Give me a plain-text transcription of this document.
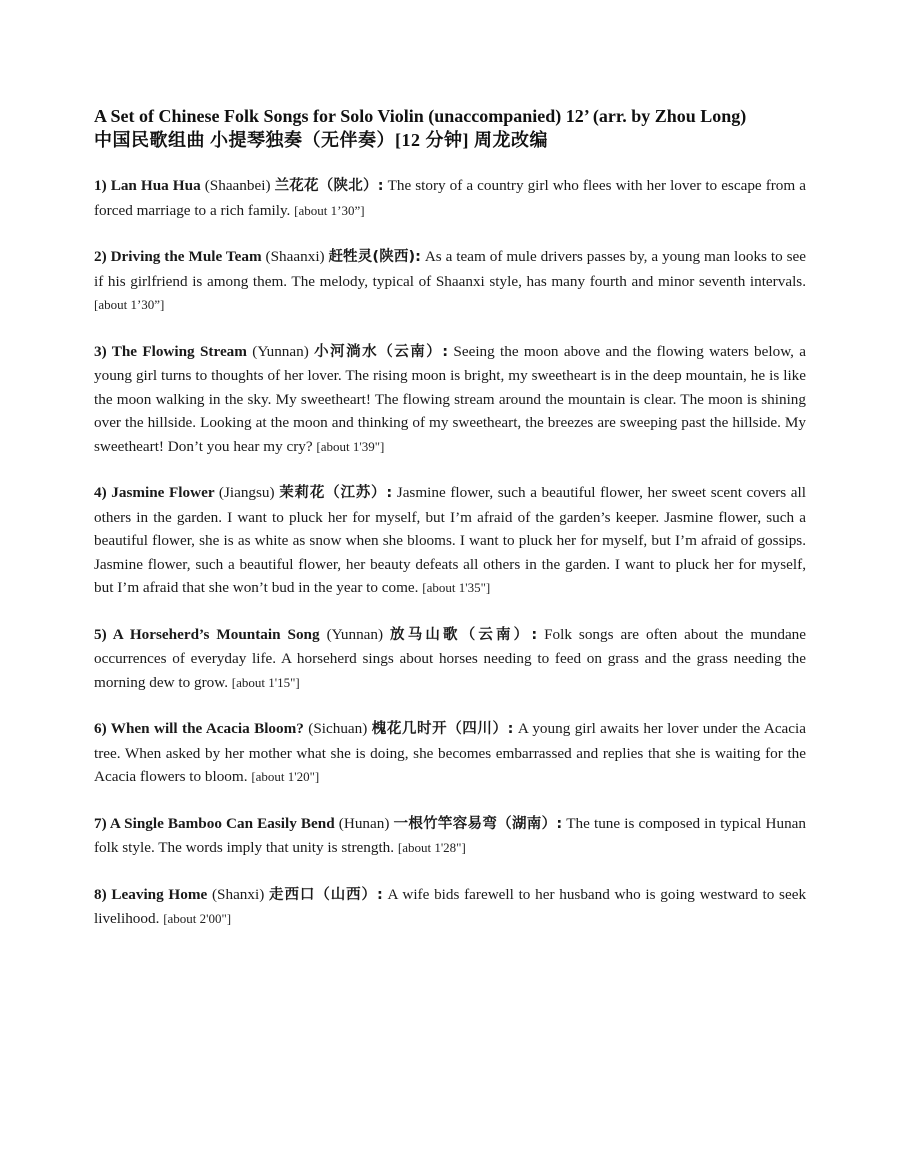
A Set of Chinese Folk Songs for Solo Violin (unaccompanied) 12’ (arr. by Zhou Long)
中国民歌组曲 小提琴独奏（无伴奏）[12 分钟] 周龙改编
1) Lan Hua Hua (Shaanbei) 兰花花（陕北）: The story of a country girl who flees with her lover to escape from a forced marriage to a rich family. [about 1’30”]
2) Driving the Mule Team (Shaanxi) 赶牲灵(陕西): As a team of mule drivers passes by, a young man looks to see if his girlfriend is among them. The melody, typical of Shaanxi style, has many fourth and minor seventh intervals. [about 1’30”]
3) The Flowing Stream (Yunnan) 小河淌水（云南）: Seeing the moon above and the flowing waters below, a young girl turns to thoughts of her lover. The rising moon is bright, my sweetheart is in the deep mountain, he is like the moon walking in the sky. My sweetheart! The flowing stream around the mountain is clear. The moon is shining over the hillside. Looking at the moon and thinking of my sweetheart, the breezes are sweeping past the hillside. My sweetheart! Don’t you hear my cry? [about 1'39"]
4) Jasmine Flower (Jiangsu) 茉莉花（江苏）: Jasmine flower, such a beautiful flower, her sweet scent covers all others in the garden. I want to pluck her for myself, but I’m afraid of the garden’s keeper. Jasmine flower, such a beautiful flower, she is as white as snow when she blooms. I want to pluck her for myself, but I’m afraid of gossips. Jasmine flower, such a beautiful flower, her beauty defeats all others in the garden. I want to pluck her for myself, but I’m afraid that she won’t bud in the year to come. [about 1'35"]
5) A Horseherd’s Mountain Song (Yunnan) 放马山歌（云南）: Folk songs are often about the mundane occurrences of everyday life. A horseherd sings about horses needing to feed on grass and the grass needing the morning dew to grow. [about 1'15"]
6) When will the Acacia Bloom? (Sichuan) 槐花几时开（四川）: A young girl awaits her lover under the Acacia tree. When asked by her mother what she is doing, she becomes embarrassed and replies that she is waiting for the Acacia flowers to bloom. [about 1'20"]
7) A Single Bamboo Can Easily Bend (Hunan) 一根竹竿容易弯（湖南）: The tune is composed in typical Hunan folk style. The words imply that unity is strength. [about 1'28"]
8) Leaving Home (Shanxi) 走西口（山西）: A wife bids farewell to her husband who is going westward to seek livelihood. [about 2'00"]
